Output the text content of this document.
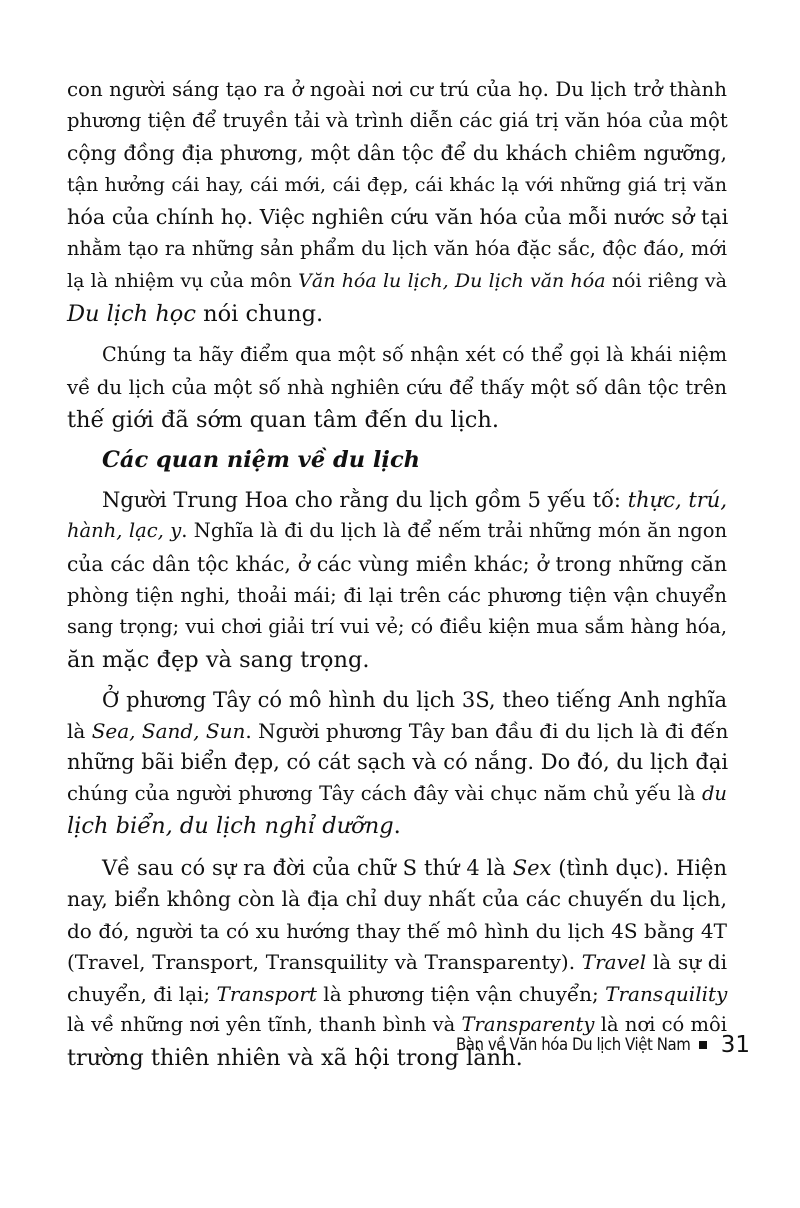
con người sáng tạo ra ở ngoài nơi cư trú của họ. Du lịch trở thành
phương tiện để truyền tải và trình diễn các giá trị văn hóa của một
cộng đồng địa phương, một dân tộc để du khách chiêm ngưỡng,
tận hưởng cái hay, cái mới, cái đẹp, cái khác lạ với những giá trị văn
hóa của chính họ. Việc nghiên cứu văn hóa của mỗi nước sở tại
nhằm tạo ra những sản phẩm du lịch văn hóa đặc sắc, độc đáo, mới
lạ là nhiệm vụ của môn Văn hóa lu lịch, Du lịch văn hóa nói riêng và
Du lịch học nói chung.
Chúng ta hãy điểm qua một số nhận xét có thể gọi là khái niệm
về du lịch của một số nhà nghiên cứu để thấy một số dân tộc trên
thế giới đã sớm quan tâm đến du lịch.
Các quan niệm về du lịch
Người Trung Hoa cho rằng du lịch gồm 5 yếu tố: thực, trú,
hành, lạc, y. Nghĩa là đi du lịch là để nếm trải những món ăn ngon
của các dân tộc khác, ở các vùng miền khác; ở trong những căn
phòng tiện nghi, thoải mái; đi lại trên các phương tiện vận chuyển
sang trọng; vui chơi giải trí vui vẻ; có điều kiện mua sắm hàng hóa,
ăn mặc đẹp và sang trọng.
Ở phương Tây có mô hình du lịch 3S, theo tiếng Anh nghĩa
là Sea, Sand, Sun. Người phương Tây ban đầu đi du lịch là đi đến
những bãi biển đẹp, có cát sạch và có nắng. Do đó, du lịch đại
chúng của người phương Tây cách đây vài chục năm chủ yếu là du
lịch biển, du lịch nghỉ dưỡng.
Về sau có sự ra đời của chữ S thứ 4 là Sex (tình dục). Hiện
nay, biển không còn là địa chỉ duy nhất của các chuyến du lịch,
do đó, người ta có xu hướng thay thế mô hình du lịch 4S bằng 4T
(Travel, Transport, Transquility và Transparenty). Travel là sự di
chuyển, đi lại; Transport là phương tiện vận chuyển; Transquility
là về những nơi yên tĩnh, thanh bình và Transparenty là nơi có môi
trường thiên nhiên và xã hội trong lành.
Bàn về Văn hóa Du lịch Việt Nam 31
